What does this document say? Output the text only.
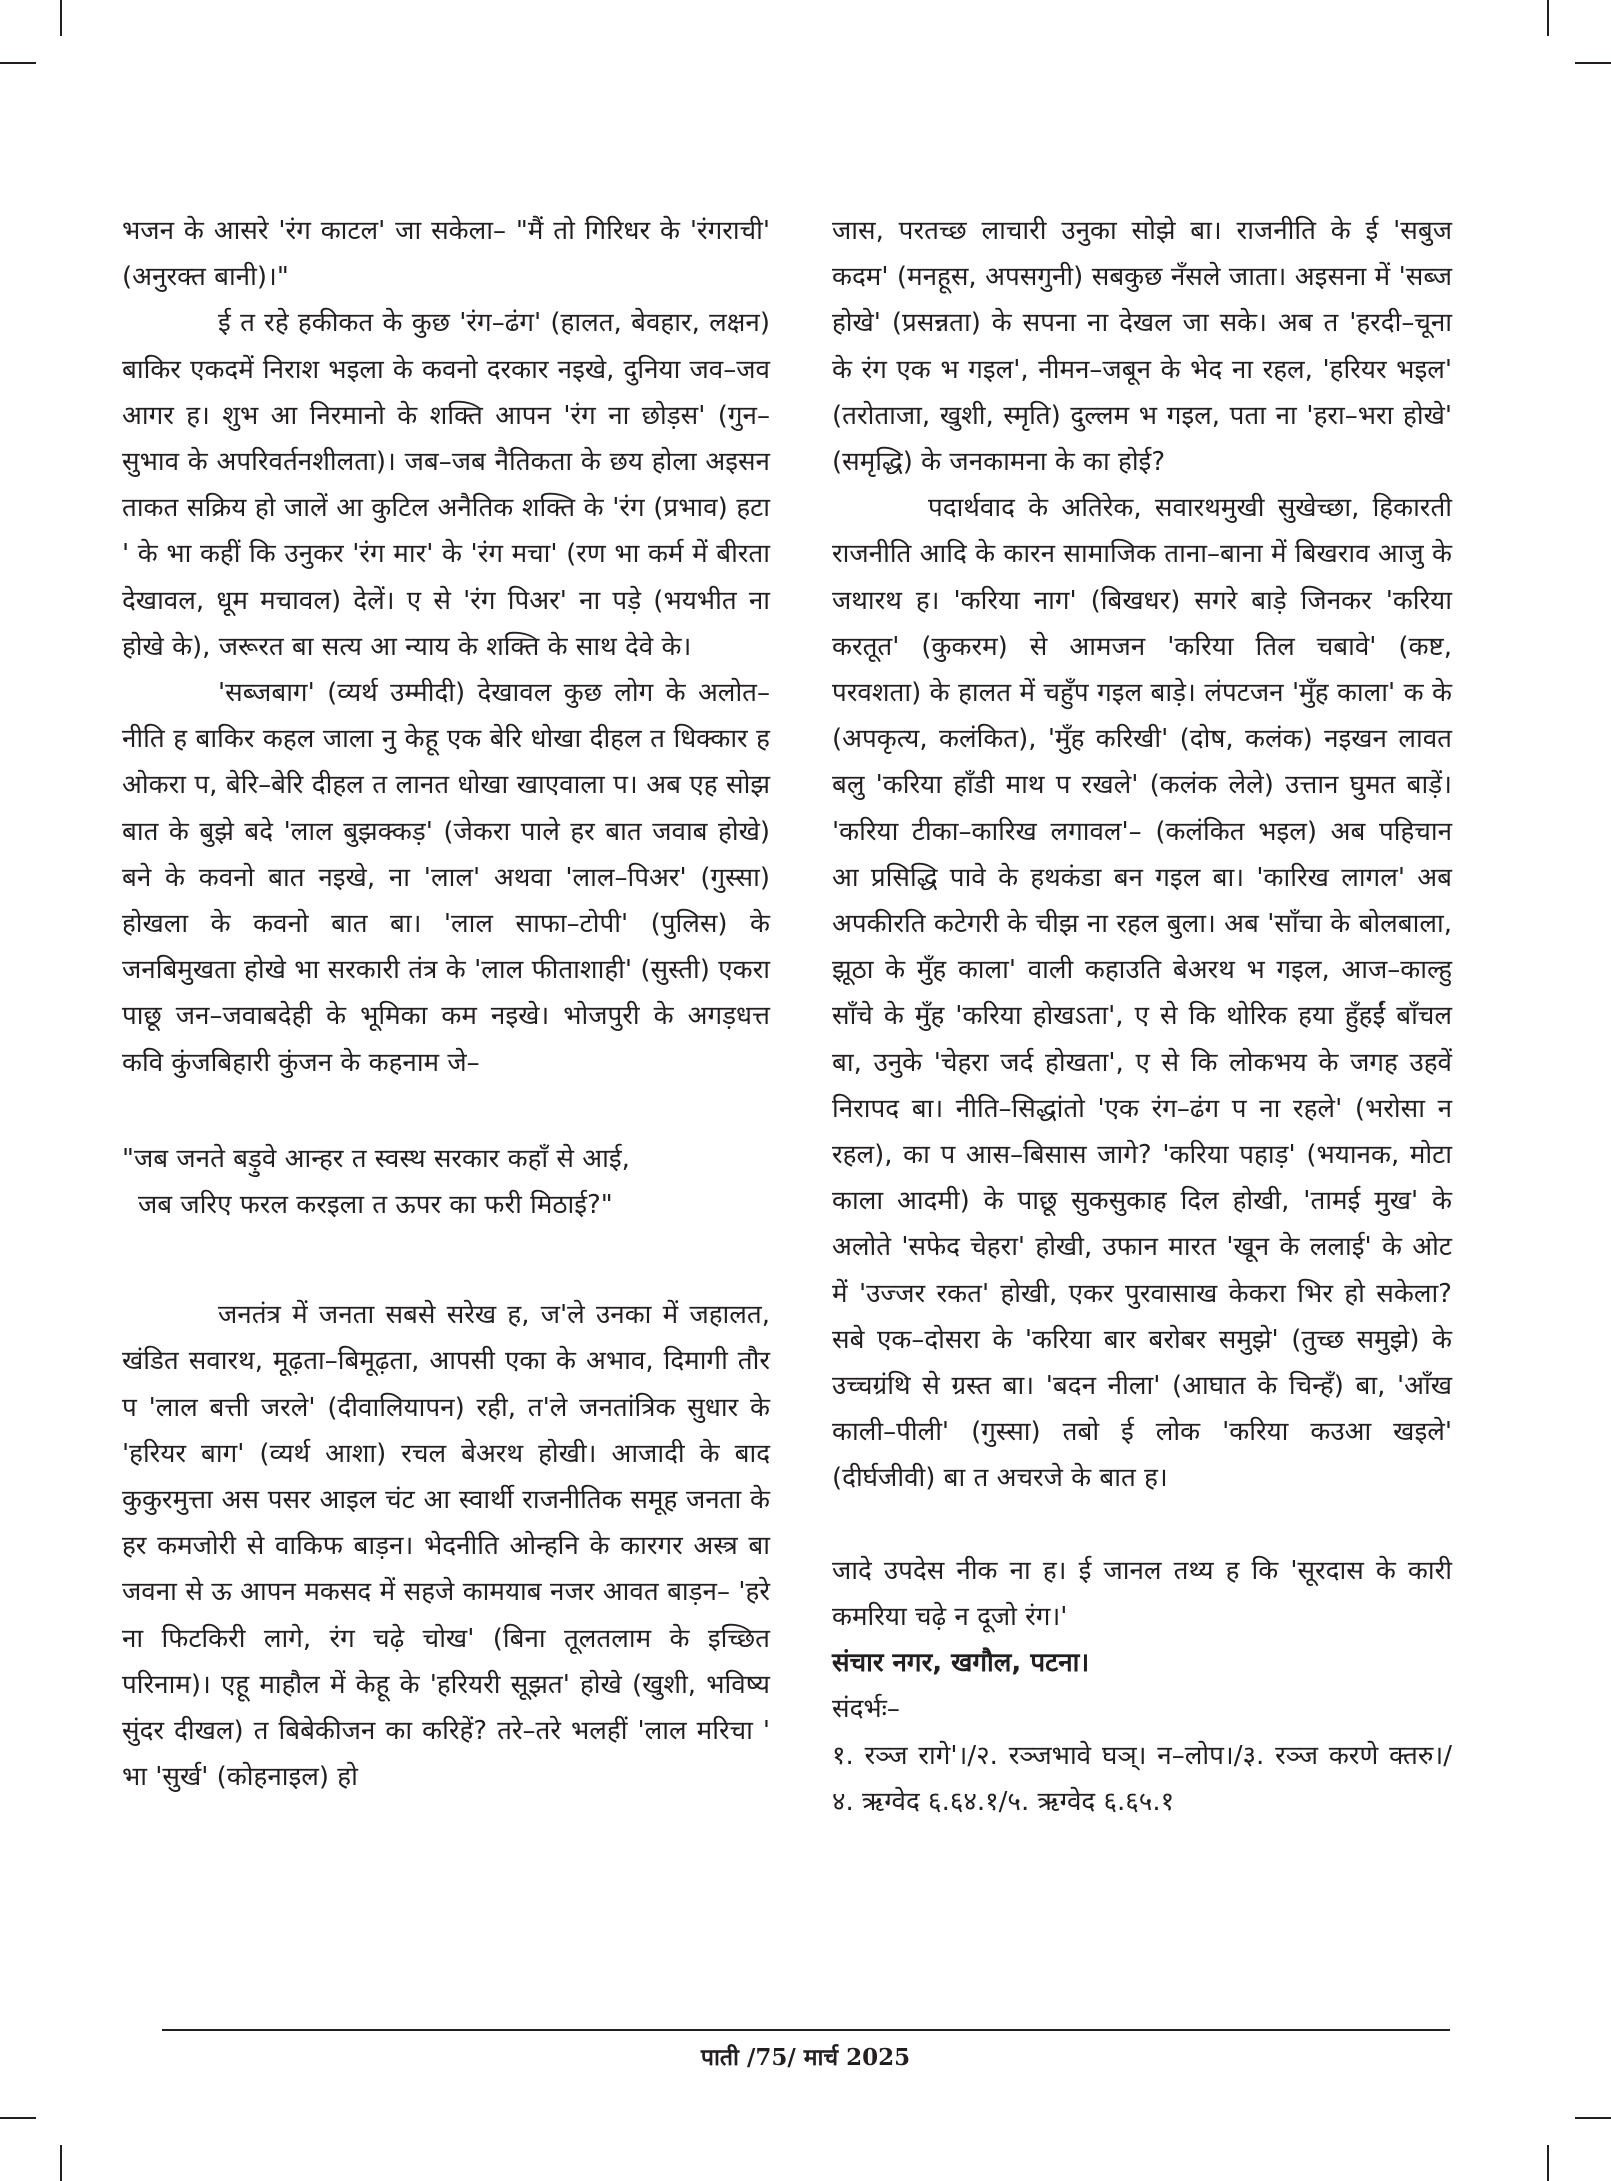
भजन के आसरे 'रंग काटल' जा सकेला– "मैं तो गिरिधर के 'रंगराची' (अनुरक्त बानी)।"

ई त रहे हकीकत के कुछ 'रंग–ढंग' (हालत, बेवहार, लक्षन) बाकिर एकदमें निराश भइला के कवनो दरकार नइखे, दुनिया जव–जव आगर ह। शुभ आ निरमानो के शक्ति आपन 'रंग ना छोड़स' (गुन–सुभाव के अपरिवर्तनशीलता)। जब–जब नैतिकता के छय होला अइसन ताकत सक्रिय हो जालें आ कुटिल अनैतिक शक्ति के 'रंग (प्रभाव) हटा ' के भा कहीं कि उनुकर 'रंग मार' के 'रंग मचा' (रण भा कर्म में बीरता देखावल, धूम मचावल) देलें। ए से 'रंग पिअर' ना पड़े (भयभीत ना होखे के), जरूरत बा सत्य आ न्याय के शक्ति के साथ देवे के।

'सब्जबाग' (व्यर्थ उम्मीदी) देखावल कुछ लोग के अलोत–नीति ह बाकिर कहल जाला नु केहू एक बेरि धोखा दीहल त धिक्कार ह ओकरा प, बेरि–बेरि दीहल त लानत धोखा खाएवाला प। अब एह सोझ बात के बुझे बदे 'लाल बुझक्कड़' (जेकरा पाले हर बात जवाब होखे) बने के कवनो बात नइखे, ना 'लाल' अथवा 'लाल–पिअर' (गुस्सा) होखला के कवनो बात बा। 'लाल साफा–टोपी' (पुलिस) के जनबिमुखता होखे भा सरकारी तंत्र के 'लाल फीताशाही' (सुस्ती) एकरा पाछू जन–जवाबदेही के भूमिका कम नइखे। भोजपुरी के अगड़धत्त कवि कुंजबिहारी कुंजन के कहनाम जे–

"जब जनते बड़ुवे आन्हर त स्वस्थ सरकार कहाँ से आई,
जब जरिए फरल करइला त ऊपर का फरी मिठाई?"

जनतंत्र में जनता सबसे सरेख ह, ज'ले उनका में जहालत, खंडित सवारथ, मूढ़ता–बिमूढ़ता, आपसी एका के अभाव, दिमागी तौर प 'लाल बत्ती जरले' (दीवालियापन) रही, त'ले जनतांत्रिक सुधार के 'हरियर बाग' (व्यर्थ आशा) रचल बेअरथ होखी। आजादी के बाद कुकुरमुत्ता अस पसर आइल चंट आ स्वार्थी राजनीतिक समूह जनता के हर कमजोरी से वाकिफ बाड़न। भेदनीति ओन्हनि के कारगर अस्त्र बा जवना से ऊ आपन मकसद में सहजे कामयाब नजर आवत बाड़न– 'हरे ना फिटकिरी लागे, रंग चढ़े चोख' (बिना तूलतलाम के इच्छित परिनाम)। एहू माहौल में केहू के 'हरियरी सूझत' होखे (खुशी, भविष्य सुंदर दीखल) त बिबेकीजन का करिहें? तरे–तरे भलहीं 'लाल मरिचा ' भा 'सुर्ख' (कोहनाइल) हो

जास, परतच्छ लाचारी उनुका सोझे बा। राजनीति के ई 'सबुज कदम' (मनहूस, अपसगुनी) सबकुछ नँसले जाता। अइसना में 'सब्ज होखे' (प्रसन्नता) के सपना ना देखल जा सके। अब त 'हरदी–चूना के रंग एक भ गइल', नीमन–जबून के भेद ना रहल, 'हरियर भइल' (तरोताजा, खुशी, स्मृति) दुल्लम भ गइल, पता ना 'हरा–भरा होखे' (समृद्धि) के जनकामना के का होई?

पदार्थवाद के अतिरेक, सवारथमुखी सुखेच्छा, हिकारती राजनीति आदि के कारन सामाजिक ताना–बाना में बिखराव आजु के जथारथ ह। 'करिया नाग' (बिखधर) सगरे बाड़े जिनकर 'करिया करतूत' (कुकरम) से आमजन 'करिया तिल चबावे' (कष्ट, परवशता) के हालत में चहुँप गइल बाड़े। लंपटजन 'मुँह काला' क के (अपकृत्य, कलंकित), 'मुँह करिखी' (दोष, कलंक) नइखन लावत बलु 'करिया हाँडी माथ प रखले' (कलंक लेले) उत्तान घुमत बाड़ें। 'करिया टीका–कारिख लगावल'– (कलंकित भइल) अब पहिचान आ प्रसिद्धि पावे के हथकंडा बन गइल बा। 'कारिख लागल' अब अपकीरति कटेगरी के चीझ ना रहल बुला। अब 'साँचा के बोलबाला, झूठा के मुँह काला' वाली कहाउति बेअरथ भ गइल, आज–काल्हु साँचे के मुँह 'करिया होखऽता', ए से कि थोरिक हया हुँहईं बाँचल बा, उनुके 'चेहरा जर्द होखता', ए से कि लोकभय के जगह उहवें निरापद बा। नीति–सिद्धांतो 'एक रंग–ढंग प ना रहले' (भरोसा न रहल), का प आस–बिसास जागे? 'करिया पहाड़' (भयानक, मोटा काला आदमी) के पाछू सुकसुकाह दिल होखी, 'तामई मुख' के अलोते 'सफेद चेहरा' होखी, उफान मारत 'खून के ललाई' के ओट में 'उज्जर रकत' होखी, एकर पुरवासाख केकरा भिर हो सकेला? सबे एक–दोसरा के 'करिया बार बरोबर समुझे' (तुच्छ समुझे) के उच्चग्रंथि से ग्रस्त बा। 'बदन नीला' (आघात के चिन्हँ) बा, 'आँख काली–पीली' (गुस्सा) तबो ई लोक 'करिया कउआ खइले' (दीर्घजीवी) बा त अचरजे के बात ह।

जादे उपदेस नीक ना ह। ई जानल तथ्य ह कि 'सूरदास के कारी कमरिया चढ़े न दूजो रंग।'

संचार नगर, खगौल, पटना।

संदर्भः–

१. रञ्ज रागे'।/२. रञ्जभावे घञ्। न–लोप।/३. रञ्ज करणे क्तरु।/४. ऋग्वेद ६.६४.१/५. ऋग्वेद ६.६५.१

पाती /75/ मार्च 2025
